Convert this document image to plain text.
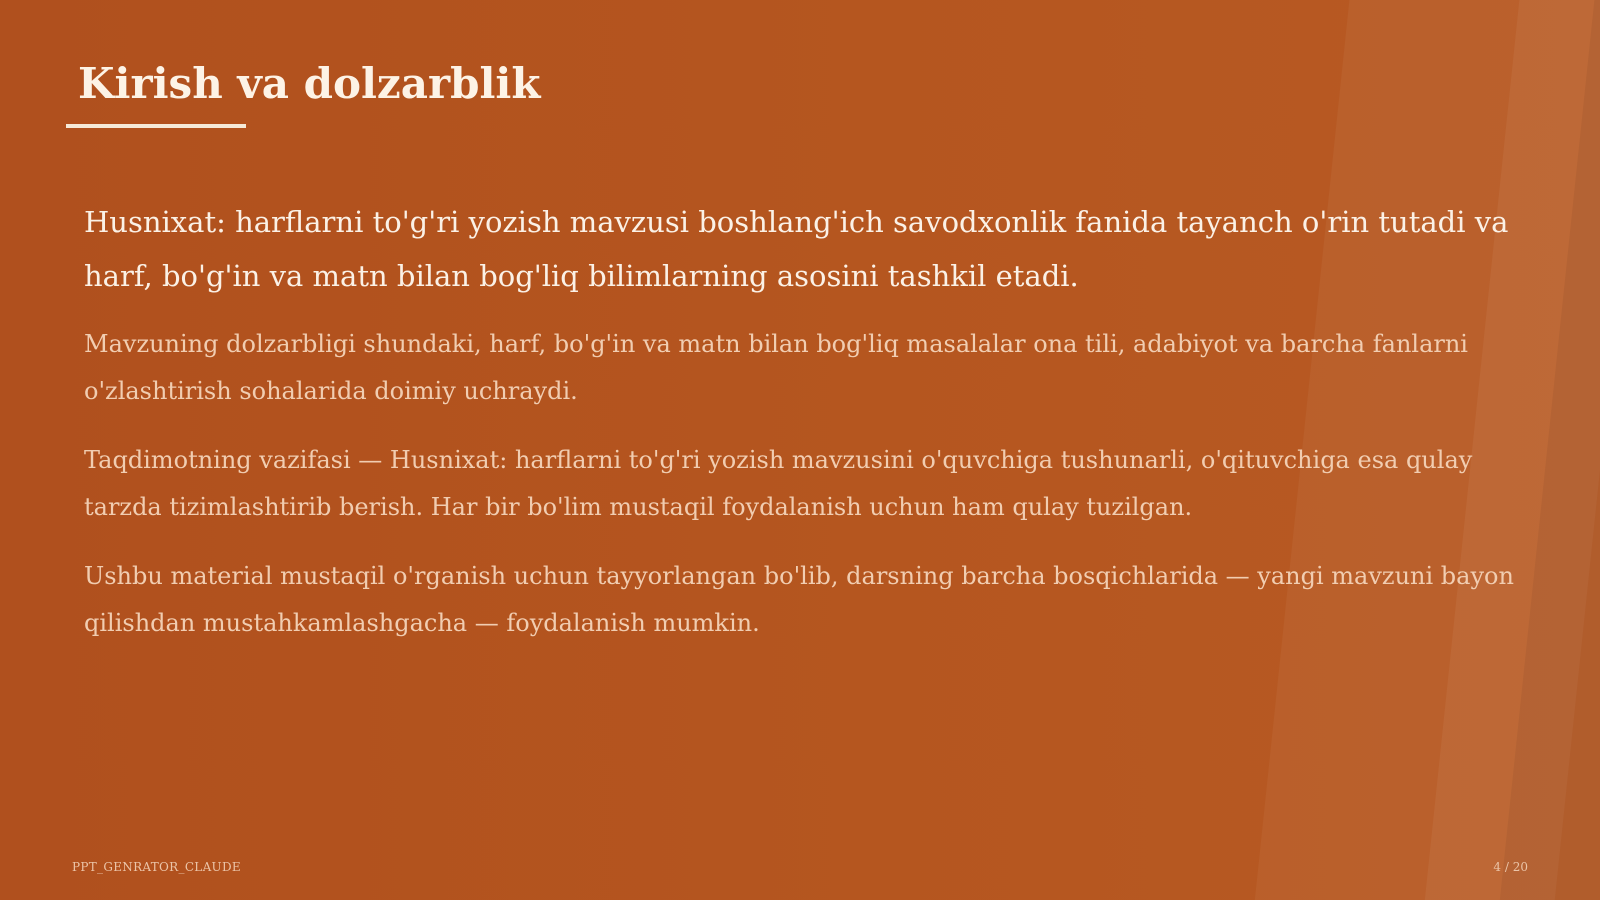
Kirish va dolzarblik

Husnixat: harflarni to'g'ri yozish mavzusi boshlang'ich savodxonlik fanida tayanch o'rin tutadi va harf, bo'g'in va matn bilan bog'liq bilimlarning asosini tashkil etadi.

Mavzuning dolzarbligi shundaki, harf, bo'g'in va matn bilan bog'liq masalalar ona tili, adabiyot va barcha fanlarni o'zlashtirish sohalarida doimiy uchraydi.

Taqdimotning vazifasi — Husnixat: harflarni to'g'ri yozish mavzusini o'quvchiga tushunarli, o'qituvchiga esa qulay tarzda tizimlashtirib berish. Har bir bo'lim mustaqil foydalanish uchun ham qulay tuzilgan.

Ushbu material mustaqil o'rganish uchun tayyorlangan bo'lib, darsning barcha bosqichlarida — yangi mavzuni bayon qilishdan mustahkamlashgacha — foydalanish mumkin.

PPT_GENRATOR_CLAUDE	4 / 20
